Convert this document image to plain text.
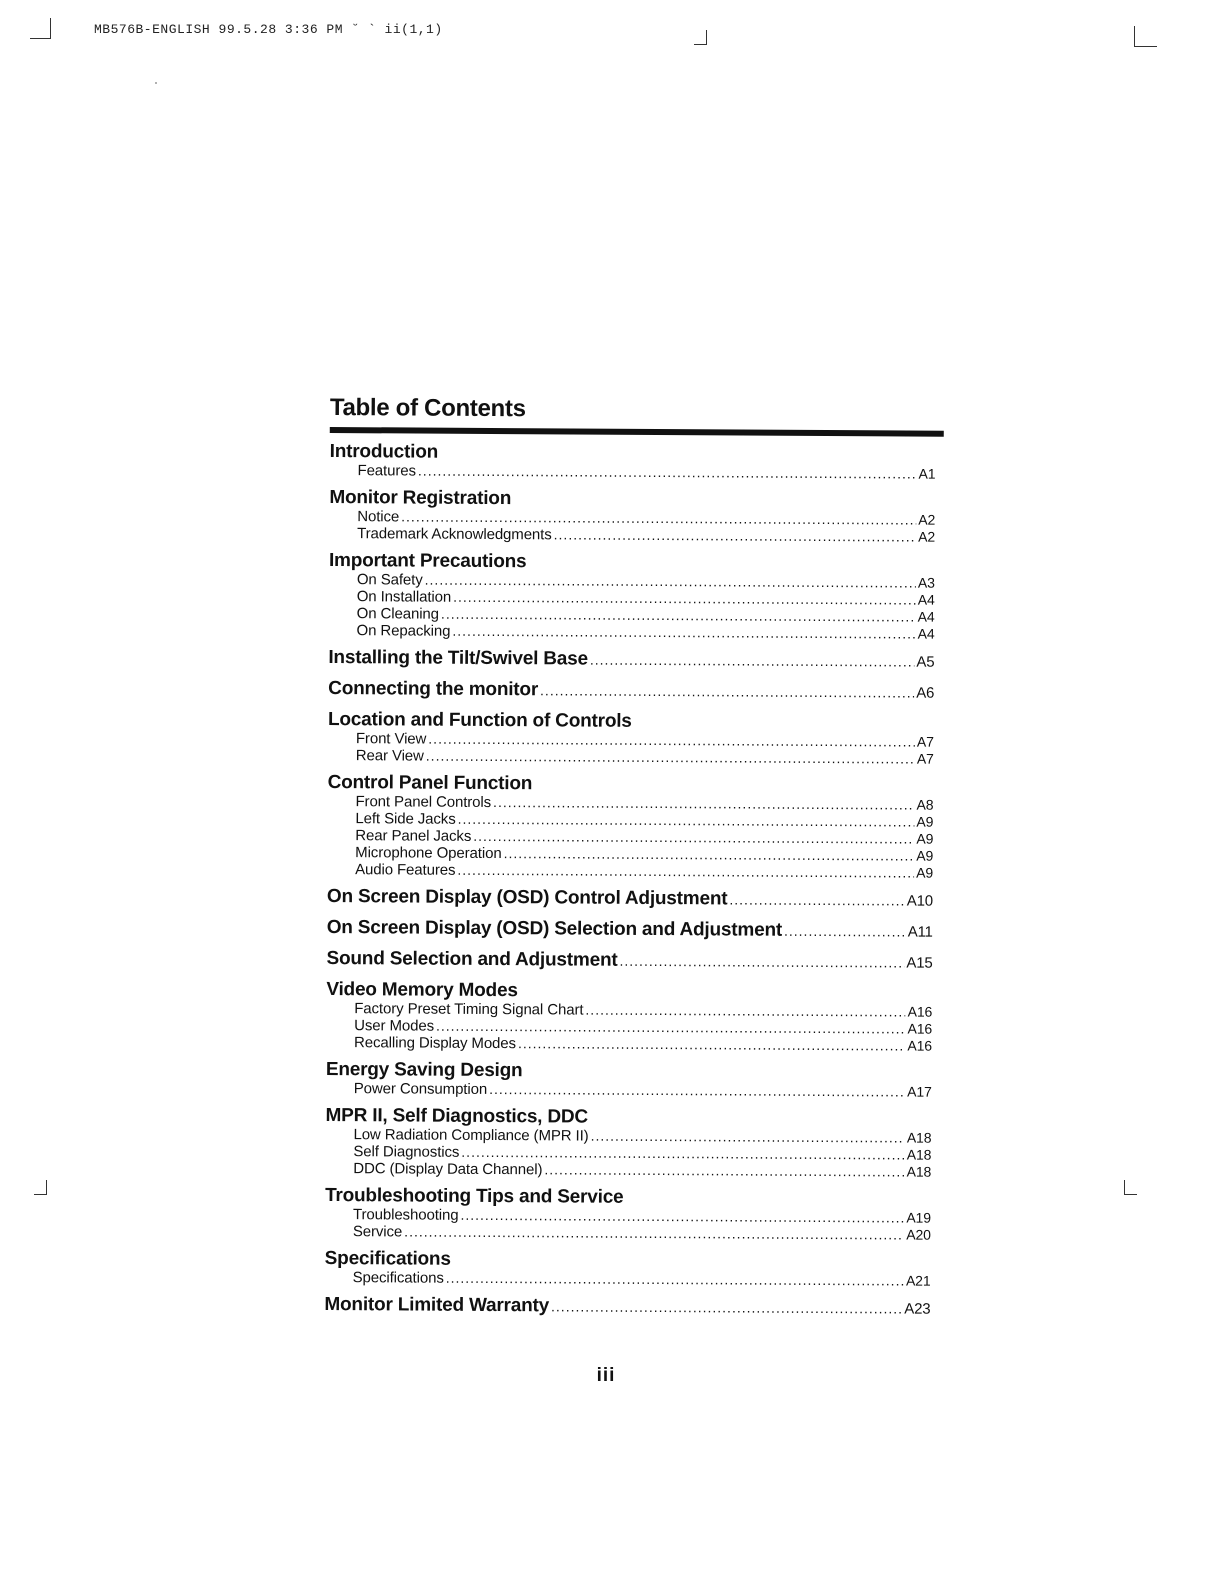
MB576B-ENGLISH 99.5.28 3:36 PM ˘ ` ii(1,1)
Table of Contents
Introduction
Features .....	A1
Monitor Registration
Notice .....	A2
Trademark Acknowledgments .....	A2
Important Precautions
On Safety .....	A3
On Installation .....	A4
On Cleaning .....	A4
On Repacking .....	A4
Installing the Tilt/Swivel Base .....	A5
Connecting the monitor .....	A6
Location and Function of Controls
Front View .....	A7
Rear View .....	A7
Control Panel Function
Front Panel Controls .....	A8
Left Side Jacks .....	A9
Rear Panel Jacks .....	A9
Microphone Operation .....	A9
Audio Features .....	A9
On Screen Display (OSD) Control Adjustment .....	A10
On Screen Display (OSD) Selection and Adjustment .....	A11
Sound Selection and Adjustment .....	A15
Video Memory Modes
Factory Preset Timing Signal Chart .....	A16
User Modes .....	A16
Recalling Display Modes .....	A16
Energy Saving Design
Power Consumption .....	A17
MPR II, Self Diagnostics, DDC
Low Radiation Compliance (MPR II) .....	A18
Self Diagnostics .....	A18
DDC (Display Data Channel) .....	A18
Troubleshooting Tips and Service
Troubleshooting .....	A19
Service .....	A20
Specifications
Specifications .....	A21
Monitor Limited Warranty .....	A23
iii
